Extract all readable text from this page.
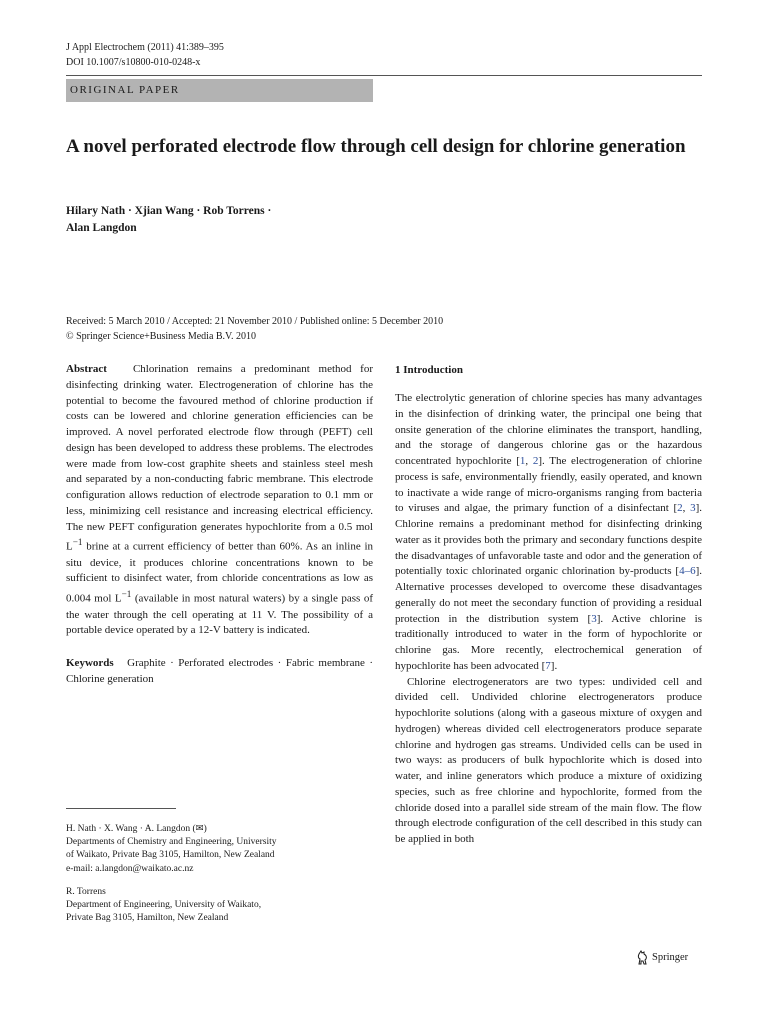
J Appl Electrochem (2011) 41:389–395
DOI 10.1007/s10800-010-0248-x
ORIGINAL PAPER
A novel perforated electrode flow through cell design for chlorine generation
Hilary Nath · Xjian Wang · Rob Torrens ·
Alan Langdon
Received: 5 March 2010 / Accepted: 21 November 2010 / Published online: 5 December 2010
© Springer Science+Business Media B.V. 2010

Abstract Chlorination remains a predominant method for disinfecting drinking water. Electrogeneration of chlorine has the potential to become the favoured method of chlorine production if costs can be lowered and chlorine generation efficiencies can be improved. A novel perforated electrode flow through (PEFT) cell design has been developed to address these problems. The electrodes were made from low-cost graphite sheets and stainless steel mesh and separated by a non-conducting fabric membrane. This electrode configuration allows reduction of electrode separation to 0.1 mm or less, minimizing cell resistance and increasing electrical efficiency. The new PEFT configuration generates hypochlorite from a 0.5 mol $L^{-1}$ brine at a current efficiency of better than 60%. As an inline in situ device, it produces chlorine concentrations known to be sufficient to disinfect water, from chloride concentrations as low as 0.004 mol $L^{-1}$ (available in most natural waters) by a single pass of the water through the cell operating at 11 V. The possibility of a portable device operated by a 12-V battery is indicated.

Keywords Graphite · Perforated electrodes · Fabric membrane · Chlorine generation

H. Nath · X. Wang · A. Langdon (✉)
Departments of Chemistry and Engineering, University
of Waikato, Private Bag 3105, Hamilton, New Zealand
e-mail: a.langdon@waikato.ac.nz
R. Torrens
Department of Engineering, University of Waikato,
Private Bag 3105, Hamilton, New Zealand
1 Introduction

The electrolytic generation of chlorine species has many advantages in the disinfection of drinking water, the principal one being that onsite generation of the chlorine eliminates the transport, handling, and the storage of dangerous chlorine gas or the hazardous concentrated hypochlorite [1, 2]. The electrogeneration of chlorine process is safe, environmentally friendly, easily operated, and known to inactivate a wide range of micro-organisms ranging from bacteria to viruses and algae, the primary function of a disinfectant [2, 3]. Chlorine remains a predominant method for disinfecting drinking water as it provides both the primary and secondary functions despite the disadvantages of unfavorable taste and odor and the generation of potentially toxic chlorinated organic chlorination by-products [4–6]. Alternative processes developed to overcome these disadvantages generally do not meet the secondary function of providing a residual protection in the distribution system [3]. Active chlorine is traditionally introduced to water in the form of hypochlorite or chlorine gas. More recently, electrochemical generation of hypochlorite has been advocated [7].

Chlorine electrogenerators are two types: undivided cell and divided cell. Undivided chlorine electrogenerators produce hypochlorite solutions (along with a gaseous mixture of oxygen and hydrogen) whereas divided cell electrogenerators produce separate chlorine and hydrogen gas streams. Undivided cells can be used in two ways: as producers of bulk hypochlorite which is dosed into water, and inline generators which produce a mixture of oxidizing species, such as free chlorine and hypochlorite, formed from the chloride dosed into a parallel side stream of the main flow. The flow through electrode configuration of the cell described in this study can be applied in both

Springer
